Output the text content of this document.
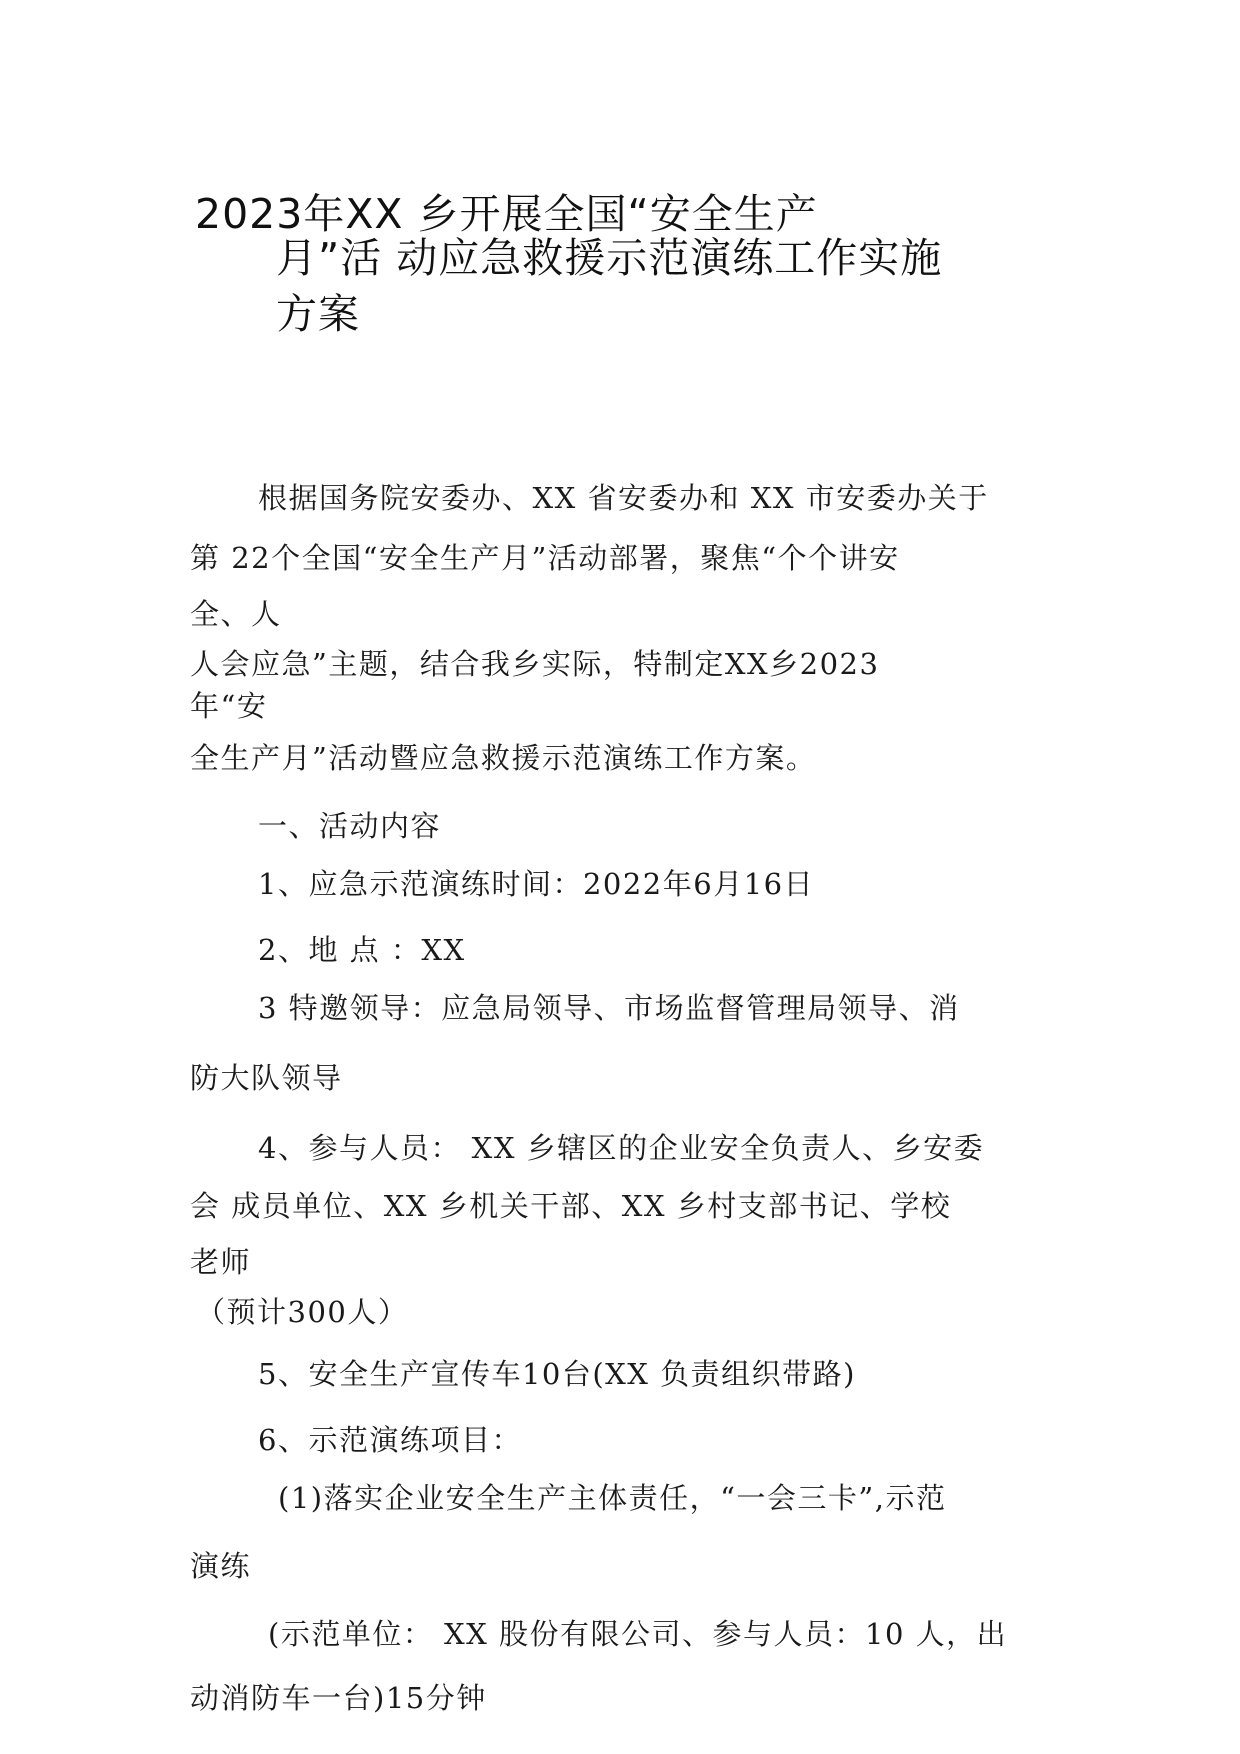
2023年XX 乡开展全国“安全生产
月”活 动应急救援示范演练工作实施
方案
根据国务院安委办、XX 省安委办和 XX 市安委办关于
第 22个全国“安全生产月”活动部署，聚焦“个个讲安
全、人
人会应急”主题，结合我乡实际，特制定XX乡2023
年“安
全生产月”活动暨应急救援示范演练工作方案。
一、活动内容
1、应急示范演练时间：2022年6月16日
2、地 点 ：XX
3 特邀领导：应急局领导、市场监督管理局领导、消
防大队领导
4、参与人员： XX 乡辖区的企业安全负责人、乡安委
会 成员单位、XX 乡机关干部、XX 乡村支部书记、学校
老师
（预计300人）
5、安全生产宣传车10台(XX 负责组织带路)
6、示范演练项目：
(1)落实企业安全生产主体责任，“一会三卡”,示范
演练
(示范单位： XX 股份有限公司、参与人员：10 人，出
动消防车一台)15分钟
